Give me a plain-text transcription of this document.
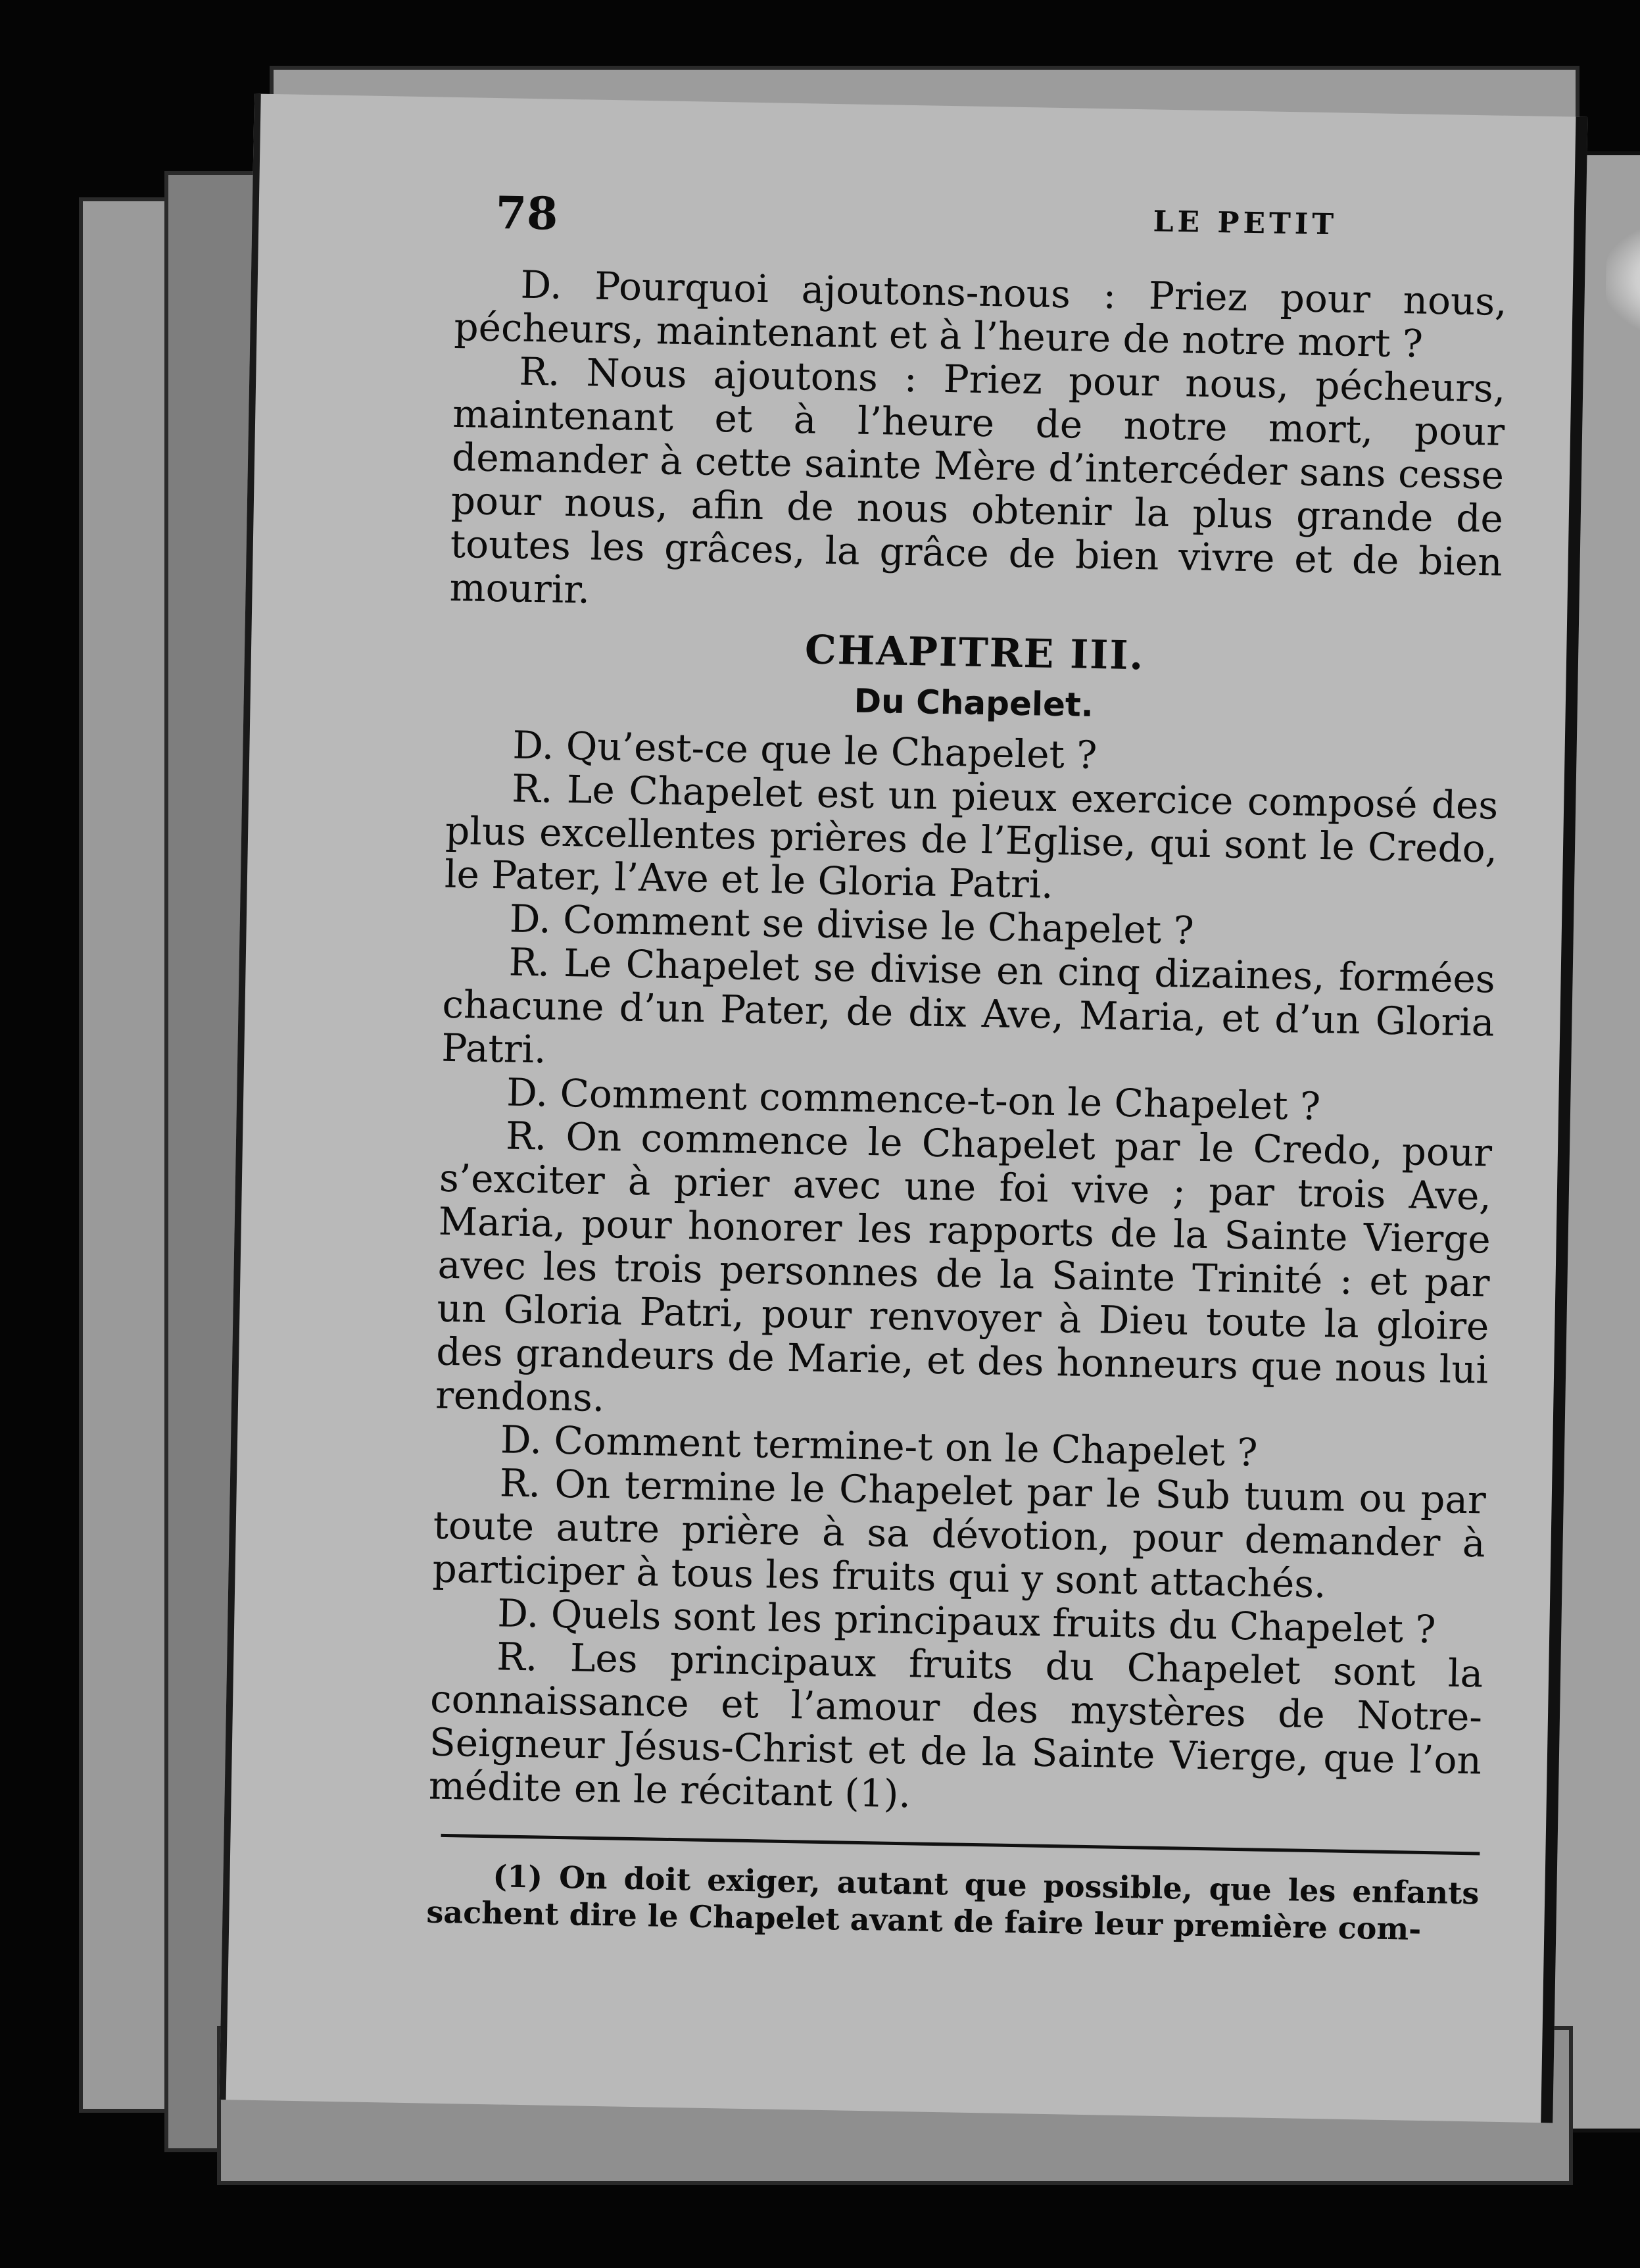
78	LE PETIT

D. Pourquoi ajoutons-nous : Priez pour nous, pécheurs, maintenant et à l’heure de notre mort ?

R. Nous ajoutons : Priez pour nous, pécheurs, maintenant et à l’heure de notre mort, pour demander à cette sainte Mère d’intercéder sans cesse pour nous, afin de nous obtenir la plus grande de toutes les grâces, la grâce de bien vivre et de bien mourir.

CHAPITRE III.
Du Chapelet.

D. Qu’est-ce que le Chapelet ?

R. Le Chapelet est un pieux exercice composé des plus excellentes prières de l’Eglise, qui sont le Credo, le Pater, l’Ave et le Gloria Patri.

D. Comment se divise le Chapelet ?

R. Le Chapelet se divise en cinq dizaines, formées chacune d’un Pater, de dix Ave, Maria, et d’un Gloria Patri.

D. Comment commence-t-on le Chapelet ?

R. On commence le Chapelet par le Credo, pour s’exciter à prier avec une foi vive ; par trois Ave, Maria, pour honorer les rapports de la Sainte Vierge avec les trois personnes de la Sainte Trinité : et par un Gloria Patri, pour renvoyer à Dieu toute la gloire des grandeurs de Marie, et des honneurs que nous lui rendons.

D. Comment termine-t on le Chapelet ?

R. On termine le Chapelet par le Sub tuum ou par toute autre prière à sa dévotion, pour demander à participer à tous les fruits qui y sont attachés.

D. Quels sont les principaux fruits du Chapelet ?

R. Les principaux fruits du Chapelet sont la connaissance et l’amour des mystères de Notre-Seigneur Jésus-Christ et de la Sainte Vierge, que l’on médite en le récitant (1).

(1) On doit exiger, autant que possible, que les enfants sachent dire le Chapelet avant de faire leur première com-
